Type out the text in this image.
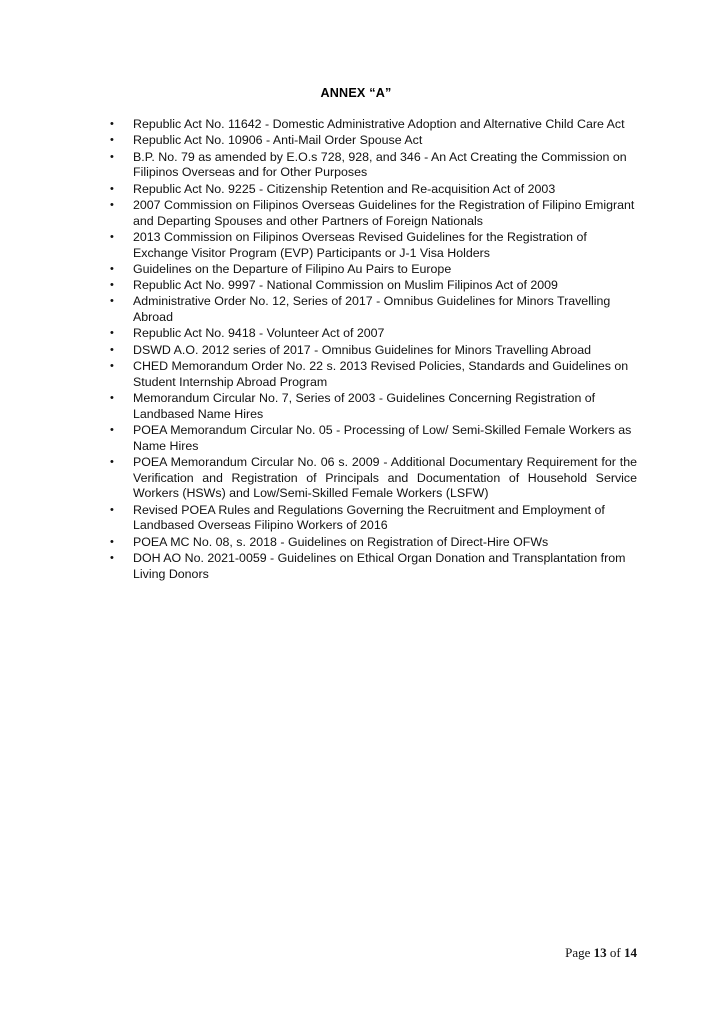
ANNEX “A”
•	Republic Act No. 11642 - Domestic Administrative Adoption and Alternative Child Care Act
•	Republic Act No. 10906 - Anti-Mail Order Spouse Act
•	B.P. No. 79 as amended by E.O.s 728, 928, and 346 - An Act Creating the Commission on Filipinos Overseas and for Other Purposes
•	Republic Act No. 9225 - Citizenship Retention and Re-acquisition Act of 2003
•	2007 Commission on Filipinos Overseas Guidelines for the Registration of Filipino Emigrant and Departing Spouses and other Partners of Foreign Nationals
•	2013 Commission on Filipinos Overseas Revised Guidelines for the Registration of Exchange Visitor Program (EVP) Participants or J-1 Visa Holders
•	Guidelines on the Departure of Filipino Au Pairs to Europe
•	Republic Act No. 9997 - National Commission on Muslim Filipinos Act of 2009
•	Administrative Order No. 12, Series of 2017 - Omnibus Guidelines for Minors Travelling Abroad
•	Republic Act No. 9418 - Volunteer Act of 2007
•	DSWD A.O. 2012 series of 2017 - Omnibus Guidelines for Minors Travelling Abroad
•	CHED Memorandum Order No. 22 s. 2013 Revised Policies, Standards and Guidelines on Student Internship Abroad Program
•	Memorandum Circular No. 7, Series of 2003 - Guidelines Concerning Registration of Landbased Name Hires
•	POEA Memorandum Circular No. 05 - Processing of Low/ Semi-Skilled Female Workers as Name Hires
•	POEA Memorandum Circular No. 06 s. 2009 - Additional Documentary Requirement for the Verification and Registration of Principals and Documentation of Household Service Workers (HSWs) and Low/Semi-Skilled Female Workers (LSFW)
•	Revised POEA Rules and Regulations Governing the Recruitment and Employment of Landbased Overseas Filipino Workers of 2016
•	POEA MC No. 08, s. 2018 - Guidelines on Registration of Direct-Hire OFWs
•	DOH AO No. 2021-0059 - Guidelines on Ethical Organ Donation and Transplantation from Living Donors
Page 13 of 14
